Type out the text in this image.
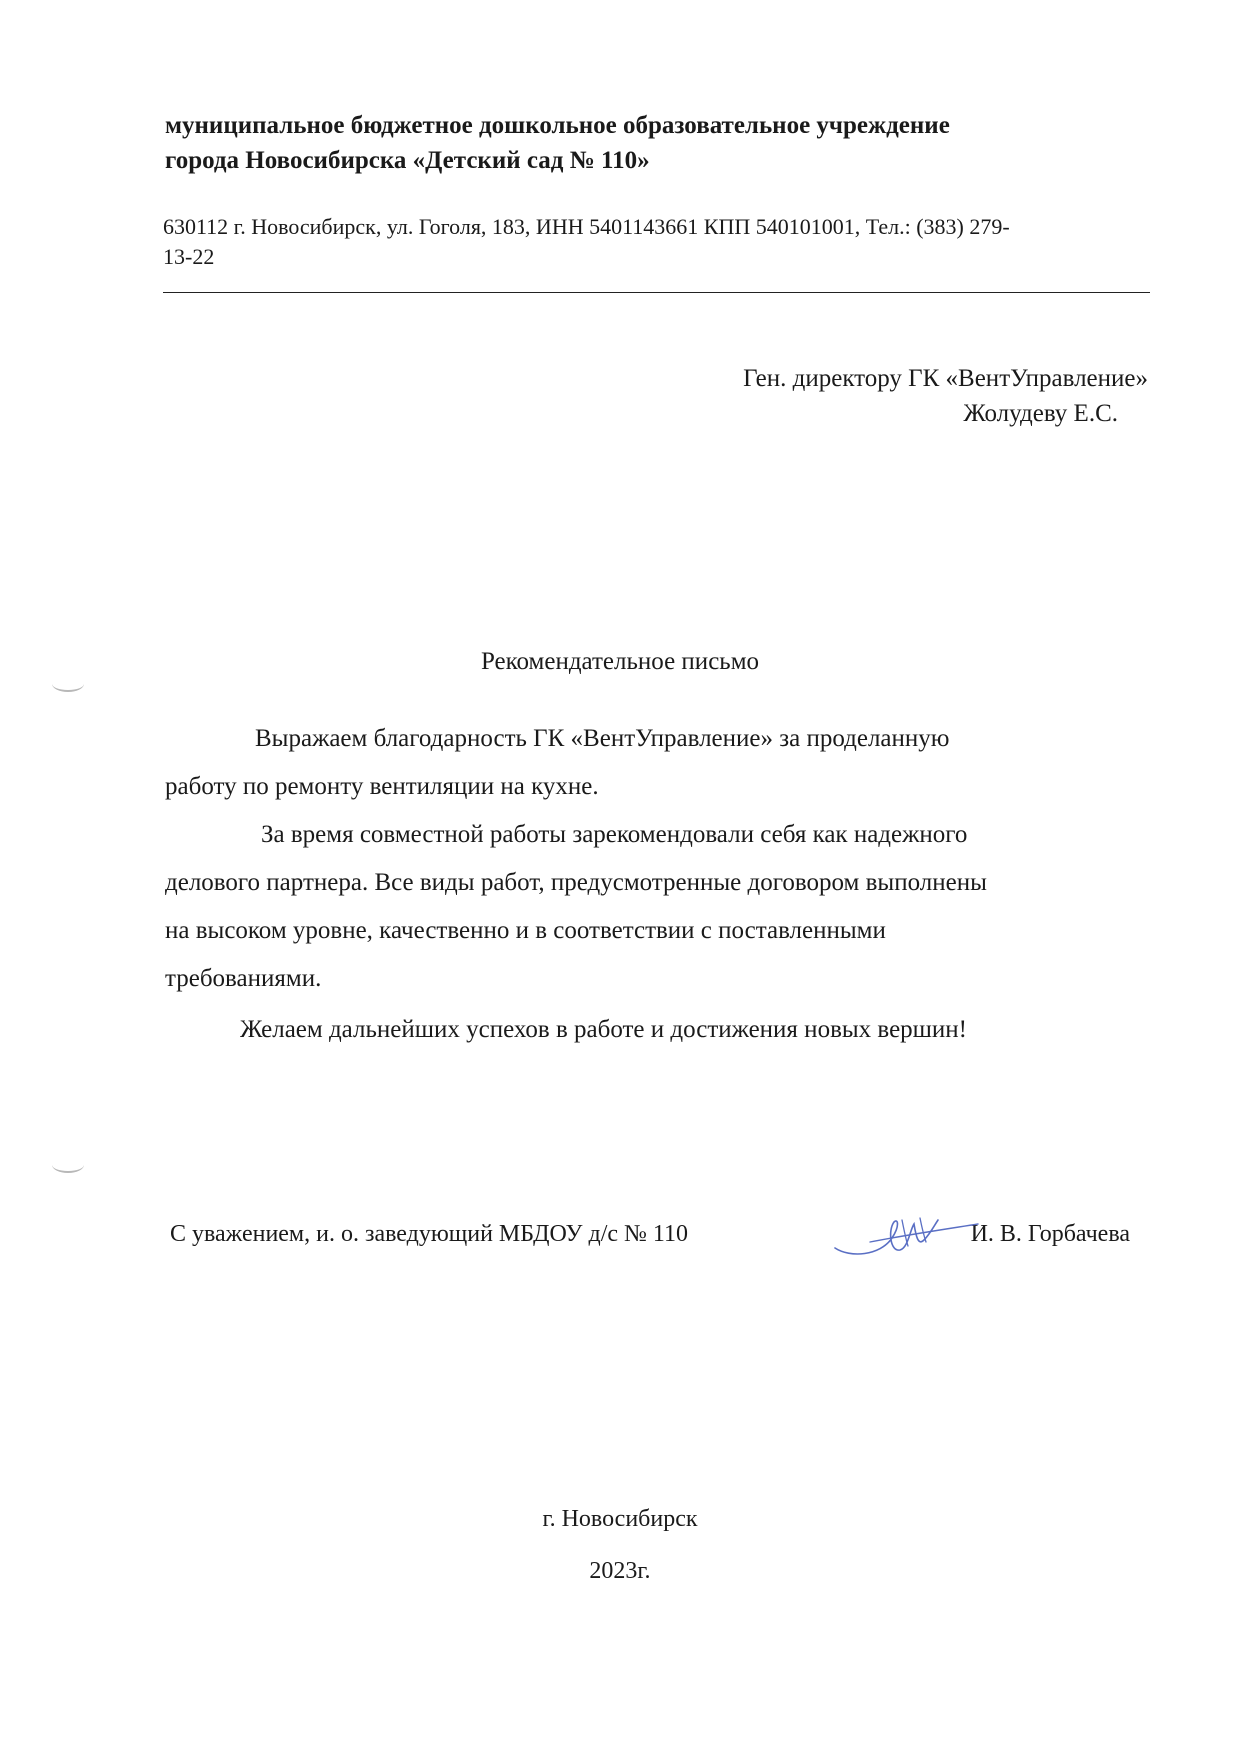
муниципальное бюджетное дошкольное образовательное учреждение
города Новосибирска «Детский сад № 110»
630112 г. Новосибирск, ул. Гоголя, 183, ИНН 5401143661 КПП 540101001, Тел.: (383) 279-
13-22
Ген. директору ГК «ВентУправление»
Жолудеву Е.С.
Рекомендательное письмо

Выражаем благодарность ГК «ВентУправление» за проделанную
работу по ремонту вентиляции на кухне.

За время совместной работы зарекомендовали себя как надежного
делового партнера. Все виды работ, предусмотренные договором выполнены
на высоком уровне, качественно и в соответствии с поставленными
требованиями.

Желаем дальнейших успехов в работе и достижения новых вершин!

С уважением, и. о. заведующий МБДОУ д/с № 110	И. В. Горбачева
г. Новосибирск
2023г.
